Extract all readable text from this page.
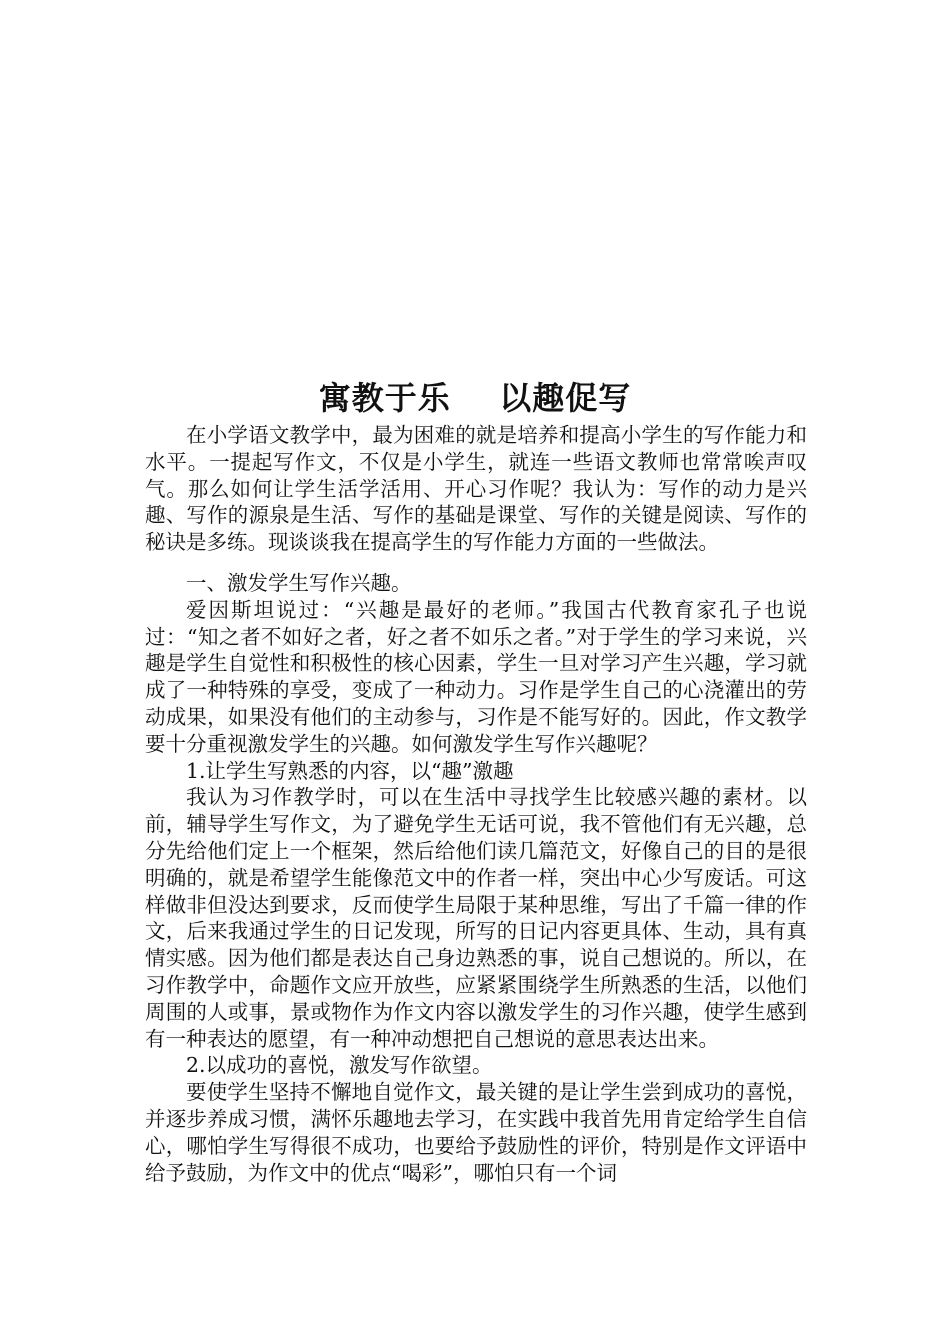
寓教于乐    以趣促写

在小学语文教学中，最为困难的就是培养和提高小学生的写作能力和水平。一提起写作文，不仅是小学生，就连一些语文教师也常常唉声叹气。那么如何让学生活学活用、开心习作呢？我认为：写作的动力是兴趣、写作的源泉是生活、写作的基础是课堂、写作的关键是阅读、写作的秘诀是多练。现谈谈我在提高学生的写作能力方面的一些做法。

一、激发学生写作兴趣。

爱因斯坦说过：“兴趣是最好的老师。”我国古代教育家孔子也说过：“知之者不如好之者，好之者不如乐之者。”对于学生的学习来说，兴趣是学生自觉性和积极性的核心因素，学生一旦对学习产生兴趣，学习就成了一种特殊的享受，变成了一种动力。习作是学生自己的心浇灌出的劳动成果，如果没有他们的主动参与，习作是不能写好的。因此，作文教学要十分重视激发学生的兴趣。如何激发学生写作兴趣呢？

1.让学生写熟悉的内容，以“趣”激趣

我认为习作教学时，可以在生活中寻找学生比较感兴趣的素材。以前，辅导学生写作文，为了避免学生无话可说，我不管他们有无兴趣，总分先给他们定上一个框架，然后给他们读几篇范文，好像自己的目的是很明确的，就是希望学生能像范文中的作者一样，突出中心少写废话。可这样做非但没达到要求，反而使学生局限于某种思维，写出了千篇一律的作文，后来我通过学生的日记发现，所写的日记内容更具体、生动，具有真情实感。因为他们都是表达自己身边熟悉的事，说自己想说的。所以，在习作教学中，命题作文应开放些，应紧紧围绕学生所熟悉的生活，以他们周围的人或事，景或物作为作文内容以激发学生的习作兴趣，使学生感到有一种表达的愿望，有一种冲动想把自己想说的意思表达出来。

2.以成功的喜悦，激发写作欲望。

要使学生坚持不懈地自觉作文，最关键的是让学生尝到成功的喜悦，并逐步养成习惯，满怀乐趣地去学习，在实践中我首先用肯定给学生自信心，哪怕学生写得很不成功，也要给予鼓励性的评价，特别是作文评语中给予鼓励，为作文中的优点“喝彩”，哪怕只有一个词
